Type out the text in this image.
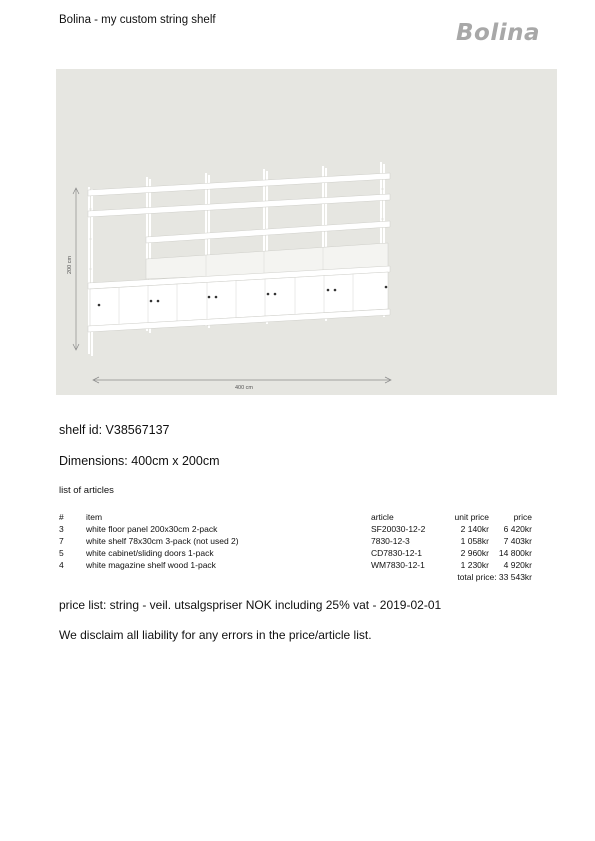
Bolina - my custom string shelf	Bolina
200 cm
400 cm
shelf id: V38567137
Dimensions: 400cm x 200cm
list of articles
#	item	article	unit price	price
3	white floor panel 200x30cm 2-pack	SF20030-12-2	2 140kr	6 420kr
7	white shelf 78x30cm 3-pack (not used 2)	7830-12-3	1 058kr	7 403kr
5	white cabinet/sliding doors 1-pack	CD7830-12-1	2 960kr	14 800kr
4	white magazine shelf wood 1-pack	WM7830-12-1	1 230kr	4 920kr
total price: 33 543kr				
price list: string - veil. utsalgspriser NOK including 25% vat - 2019-02-01
We disclaim all liability for any errors in the price/article list.
